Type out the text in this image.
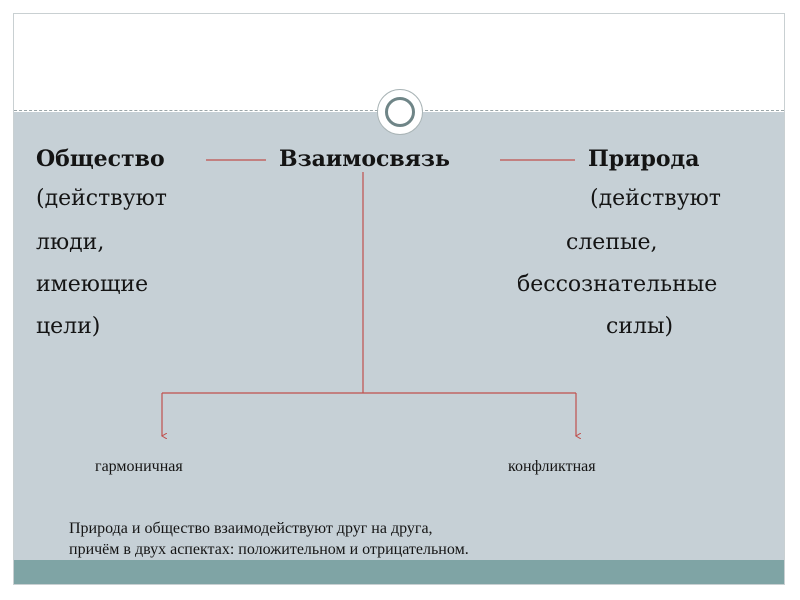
Общество	Взаимосвязь	Природа
(действуют
люди,
имеющие
цели)
(действуют
слепые,
бессознательные
силы)
гармоничная	конфликтная
Природа и общество взаимодействуют друг на друга,
причём в двух аспектах: положительном и отрицательном.
